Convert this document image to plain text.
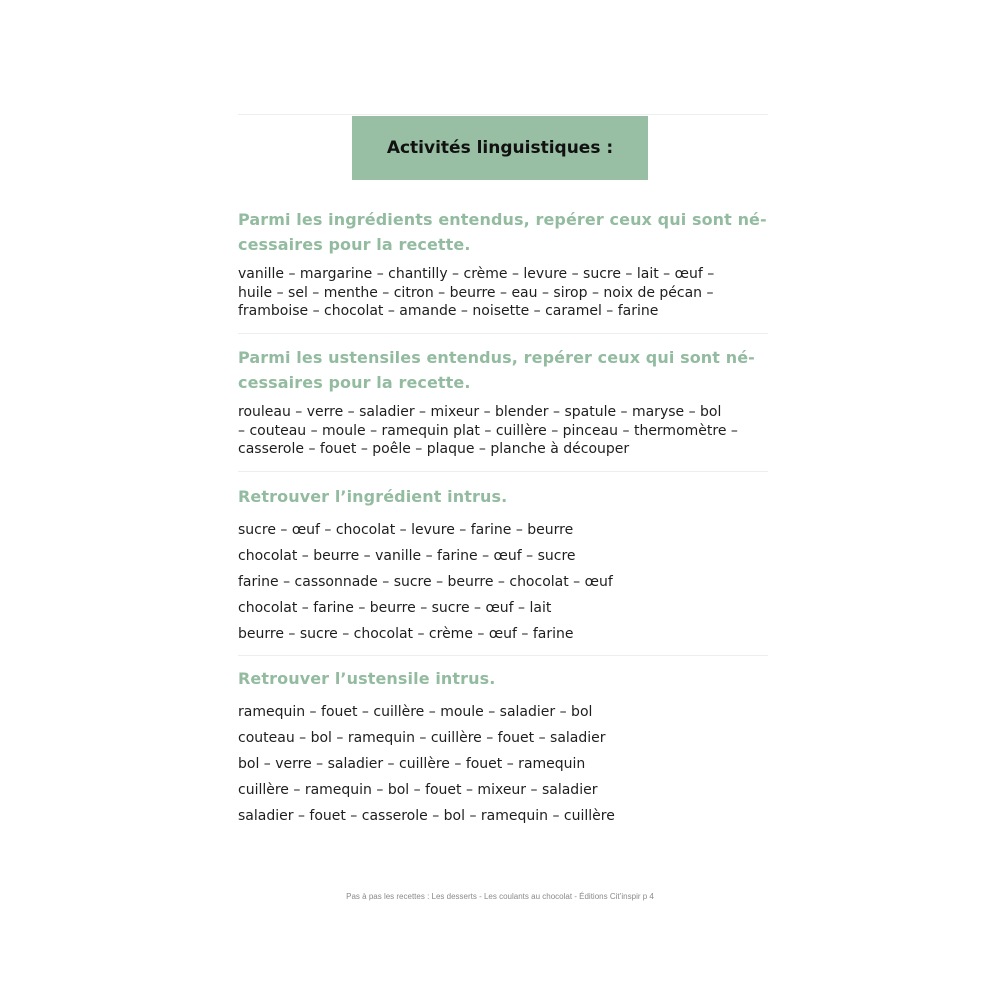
Activités linguistiques :
Parmi les ingrédients entendus, repérer ceux qui sont né-
cessaires pour la recette.
vanille – margarine – chantilly – crème – levure – sucre – lait – œuf –
huile – sel – menthe – citron – beurre – eau – sirop – noix de pécan –
framboise – chocolat – amande – noisette – caramel – farine
Parmi les ustensiles entendus, repérer ceux qui sont né-
cessaires pour la recette.
rouleau – verre – saladier – mixeur – blender – spatule – maryse – bol
– couteau – moule – ramequin plat – cuillère – pinceau – thermomètre –
casserole – fouet – poêle – plaque – planche à découper
Retrouver l’ingrédient intrus.
sucre – œuf – chocolat – levure – farine – beurre
chocolat – beurre – vanille – farine – œuf – sucre
farine – cassonnade – sucre – beurre – chocolat – œuf
chocolat – farine – beurre – sucre – œuf – lait
beurre – sucre – chocolat – crème – œuf – farine
Retrouver l’ustensile intrus.
ramequin – fouet – cuillère – moule – saladier – bol
couteau – bol – ramequin – cuillère – fouet – saladier
bol – verre – saladier – cuillère – fouet – ramequin
cuillère – ramequin – bol – fouet – mixeur – saladier
saladier – fouet – casserole – bol – ramequin – cuillère
Pas à pas les recettes : Les desserts - Les coulants au chocolat - Éditions Cit’inspir p 4
